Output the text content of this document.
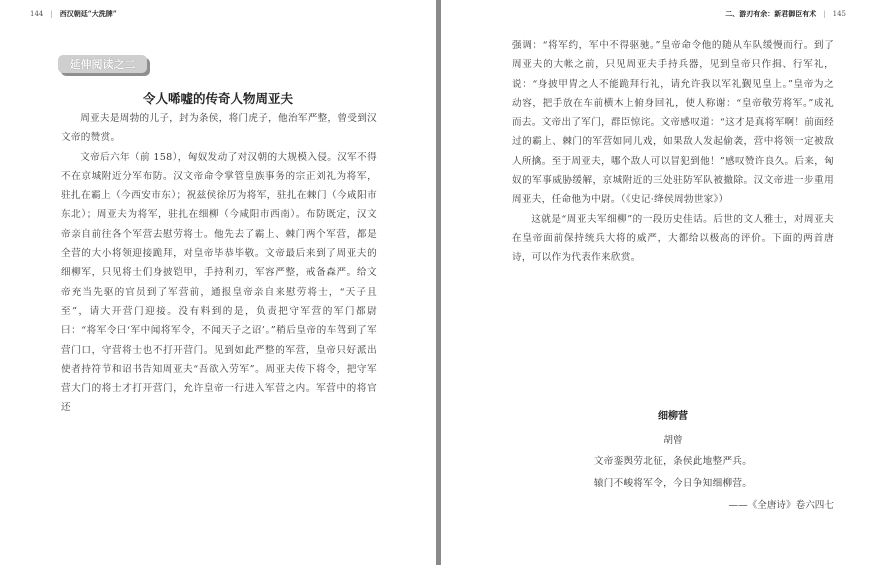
144 | 西汉朝廷“大洗牌”
延伸阅读之二
令人唏嘘的传奇人物周亚夫

周亚夫是周勃的儿子，封为条侯，将门虎子，他治军严整，曾受到汉文帝的赞赏。

文帝后六年（前 158），匈奴发动了对汉朝的大规模入侵。汉军不得不在京城附近分军布防。汉文帝命令掌管皇族事务的宗正刘礼为将军，驻扎在霸上（今西安市东）；祝兹侯徐厉为将军，驻扎在棘门（今咸阳市东北）；周亚夫为将军，驻扎在细柳（今咸阳市西南）。布防既定，汉文帝亲自前往各个军营去慰劳将士。他先去了霸上、棘门两个军营，都是全营的大小将领迎接跪拜，对皇帝毕恭毕敬。文帝最后来到了周亚夫的细柳军，只见将士们身披铠甲，手持利刃，军容严整，戒备森严。给文帝充当先驱的官员到了军营前，通报皇帝亲自来慰劳将士，“天子且至”，请大开营门迎接。没有料到的是，负责把守军营的军门都尉曰：“将军令曰‘军中闻将军令，不闻天子之诏’。”稍后皇帝的车驾到了军营门口，守营将士也不打开营门。见到如此严整的军营，皇帝只好派出使者持符节和诏书告知周亚夫“吾欲入劳军”。周亚夫传下将令，把守军营大门的将士才打开营门，允许皇帝一行进入军营之内。军营中的将官还

二、游刃有余：新君御臣有术 | 145

强调：“将军约，军中不得驱驰。”皇帝命令他的随从车队缓慢而行。到了周亚夫的大帐之前，只见周亚夫手持兵器，见到皇帝只作揖、行军礼，说：“身披甲胄之人不能跪拜行礼，请允许我以军礼觐见皇上。”皇帝为之动容，把手放在车前横木上俯身回礼，使人称谢：“皇帝敬劳将军。”成礼而去。文帝出了军门，群臣惊诧。文帝感叹道：“这才是真将军啊！前面经过的霸上、棘门的军营如同儿戏，如果敌人发起偷袭，营中将领一定被敌人所擒。至于周亚夫，哪个敌人可以冒犯到他！”感叹赞许良久。后来，匈奴的军事威胁缓解，京城附近的三处驻防军队被撤除。汉文帝进一步重用周亚夫，任命他为中尉。（《史记·绛侯周勃世家》）

这就是“周亚夫军细柳”的一段历史佳话。后世的文人雅士，对周亚夫在皇帝面前保持统兵大将的威严，大都给以极高的评价。下面的两首唐诗，可以作为代表作来欣赏。

细柳营
胡曾
文帝銮舆劳北征，条侯此地整严兵。
辕门不峻将军令，今日争知细柳营。
——《全唐诗》卷六四七
